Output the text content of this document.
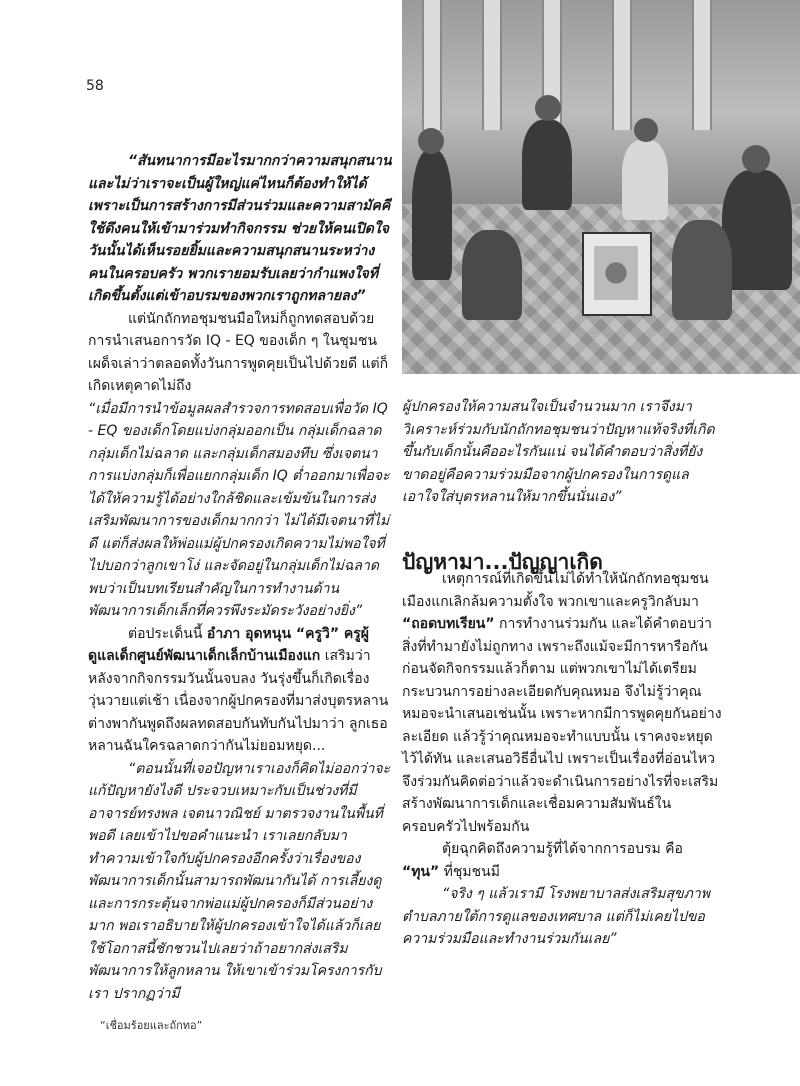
58

“สันทนาการมีอะไรมากกว่าความสนุกสนาน และไม่ว่าเราจะเป็นผู้ใหญ่แค่ไหนก็ต้องทำให้ได้ เพราะเป็นการสร้างการมีส่วนร่วมและความสามัคคี ใช้ดึงคนให้เข้ามาร่วมทำกิจกรรม ช่วยให้คนเปิดใจ วันนั้นได้เห็นรอยยิ้มและความสนุกสนานระหว่างคนในครอบครัว พวกเรายอมรับเลยว่ากำแพงใจที่เกิดขึ้นตั้งแต่เข้าอบรมของพวกเราถูกทลายลง”

แต่นักถักทอชุมชนมือใหม่ก็ถูกทดสอบด้วยการนำเสนอการวัด IQ - EQ ของเด็ก ๆ ในชุมชน เผด็จเล่าว่าตลอดทั้งวันการพูดคุยเป็นไปด้วยดี แต่ก็เกิดเหตุคาดไม่ถึง

“เมื่อมีการนำข้อมูลผลสำรวจการทดสอบเพื่อวัด IQ - EQ ของเด็กโดยแบ่งกลุ่มออกเป็น กลุ่มเด็กฉลาด กลุ่มเด็กไม่ฉลาด และกลุ่มเด็กสมองทึบ ซึ่งเจตนาการแบ่งกลุ่มก็เพื่อแยกกลุ่มเด็ก IQ ต่ำออกมาเพื่อจะได้ให้ความรู้ได้อย่างใกล้ชิดและเข้มข้นในการส่งเสริมพัฒนาการของเด็กมากกว่า ไม่ได้มีเจตนาที่ไม่ดี แต่ก็ส่งผลให้พ่อแม่ผู้ปกครองเกิดความไม่พอใจที่ไปบอกว่าลูกเขาโง่ และจัดอยู่ในกลุ่มเด็กไม่ฉลาด พบว่าเป็นบทเรียนสำคัญในการทำงานด้านพัฒนาการเด็กเล็กที่ควรพึงระมัดระวังอย่างยิ่ง”

ต่อประเด็นนี้ อำภา อุดหนุน “ครูวิ” ครูผู้ดูแลเด็กศูนย์พัฒนาเด็กเล็กบ้านเมืองแก เสริมว่า หลังจากกิจกรรมวันนั้นจบลง วันรุ่งขึ้นก็เกิดเรื่องวุ่นวายแต่เช้า เนื่องจากผู้ปกครองที่มาส่งบุตรหลานต่างพากันพูดถึงผลทดสอบกันทับกันไปมาว่า ลูกเธอหลานฉันใครฉลาดกว่ากันไม่ยอมหยุด...

“ตอนนั้นที่เจอปัญหาเราเองก็คิดไม่ออกว่าจะแก้ปัญหายังไงดี ประจวบเหมาะกับเป็นช่วงที่มีอาจารย์ทรงพล เจตนาวณิชย์ มาตรวจงานในพื้นที่พอดี เลยเข้าไปขอคำแนะนำ เราเลยกลับมาทำความเข้าใจกับผู้ปกครองอีกครั้งว่าเรื่องของพัฒนาการเด็กนั้นสามารถพัฒนากันได้ การเลี้ยงดูและการกระตุ้นจากพ่อแม่ผู้ปกครองก็มีส่วนอย่างมาก พอเราอธิบายให้ผู้ปกครองเข้าใจได้แล้วก็เลยใช้โอกาสนี้ชักชวนไปเลยว่าถ้าอยากส่งเสริมพัฒนาการให้ลูกหลาน ให้เขาเข้าร่วมโครงการกับเรา ปรากฏว่ามี

ผู้ปกครองให้ความสนใจเป็นจำนวนมาก เราจึงมาวิเคราะห์ร่วมกับนักถักทอชุมชนว่าปัญหาแท้จริงที่เกิดขึ้นกับเด็กนั้นคืออะไรกันแน่ จนได้คำตอบว่าสิ่งที่ยังขาดอยู่คือความร่วมมือจากผู้ปกครองในการดูแลเอาใจใส่บุตรหลานให้มากขึ้นนั่นเอง”

ปัญหามา...ปัญญาเกิด

เหตุการณ์ที่เกิดขึ้นไม่ได้ทำให้นักถักทอชุมชนเมืองแกเลิกล้มความตั้งใจ พวกเขาและครูวิกลับมา “ถอดบทเรียน” การทำงานร่วมกัน และได้คำตอบว่าสิ่งที่ทำมายังไม่ถูกทาง เพราะถึงแม้จะมีการหารือกันก่อนจัดกิจกรรมแล้วก็ตาม แต่พวกเขาไม่ได้เตรียมกระบวนการอย่างละเอียดกับคุณหมอ จึงไม่รู้ว่าคุณหมอจะนำเสนอเช่นนั้น เพราะหากมีการพูดคุยกันอย่างละเอียด แล้วรู้ว่าคุณหมอจะทำแบบนั้น เราคงจะหยุดไว้ได้ทัน และเสนอวิธีอื่นไป เพราะเป็นเรื่องที่อ่อนไหว จึงร่วมกันคิดต่อว่าแล้วจะดำเนินการอย่างไรที่จะเสริมสร้างพัฒนาการเด็กและเชื่อมความสัมพันธ์ในครอบครัวไปพร้อมกัน

ตุ้ยฉุกคิดถึงความรู้ที่ได้จากการอบรม คือ “ทุน” ที่ชุมชนมี

“จริง ๆ แล้วเรามี โรงพยาบาลส่งเสริมสุขภาพตำบลภายใต้การดูแลของเทศบาล แต่ก็ไม่เคยไปขอความร่วมมือและทำงานร่วมกันเลย”

“เชื่อมร้อยและถักทอ”
